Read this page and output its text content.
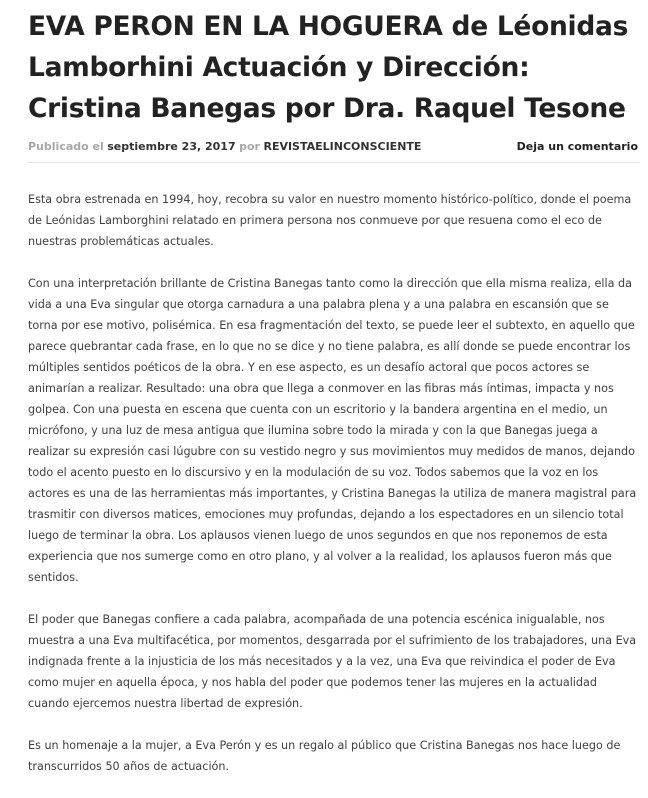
EVA PERON EN LA HOGUERA de Léonidas Lamborhini Actuación y Dirección: Cristina Banegas por Dra. Raquel Tesone
Publicado el septiembre 23, 2017 por REVISTAELINCONSCIENTE	Deja un comentario

Esta obra estrenada en 1994, hoy, recobra su valor en nuestro momento histórico-político, donde el poema de Leónidas Lamborghini relatado en primera persona nos conmueve por que resuena como el eco de nuestras problemáticas actuales.

Con una interpretación brillante de Cristina Banegas tanto como la dirección que ella misma realiza, ella da vida a una Eva singular que otorga carnadura a una palabra plena y a una palabra en escansión que se torna por ese motivo, polisémica. En esa fragmentación del texto, se puede leer el subtexto, en aquello que parece quebrantar cada frase, en lo que no se dice y no tiene palabra, es allí donde se puede encontrar los múltiples sentidos poéticos de la obra. Y en ese aspecto, es un desafío actoral que pocos actores se animarían a realizar. Resultado: una obra que llega a conmover en las fibras más íntimas, impacta y nos golpea. Con una puesta en escena que cuenta con un escritorio y la bandera argentina en el medio, un micrófono, y una luz de mesa antigua que ilumina sobre todo la mirada y con la que Banegas juega a realizar su expresión casi lúgubre con su vestido negro y sus movimientos muy medidos de manos, dejando todo el acento puesto en lo discursivo y en la modulación de su voz. Todos sabemos que la voz en los actores es una de las herramientas más importantes, y Cristina Banegas la utiliza de manera magistral para trasmitir con diversos matices, emociones muy profundas, dejando a los espectadores en un silencio total luego de terminar la obra. Los aplausos vienen luego de unos segundos en que nos reponemos de esta experiencia que nos sumerge como en otro plano, y al volver a la realidad, los aplausos fueron más que sentidos.

El poder que Banegas confiere a cada palabra, acompañada de una potencia escénica inigualable, nos muestra a una Eva multifacética, por momentos, desgarrada por el sufrimiento de los trabajadores, una Eva indignada frente a la injusticia de los más necesitados y a la vez, una Eva que reivindica el poder de Eva como mujer en aquella época, y nos habla del poder que podemos tener las mujeres en la actualidad cuando ejercemos nuestra libertad de expresión.

Es un homenaje a la mujer, a Eva Perón y es un regalo al público que Cristina Banegas nos hace luego de transcurridos 50 años de actuación.
